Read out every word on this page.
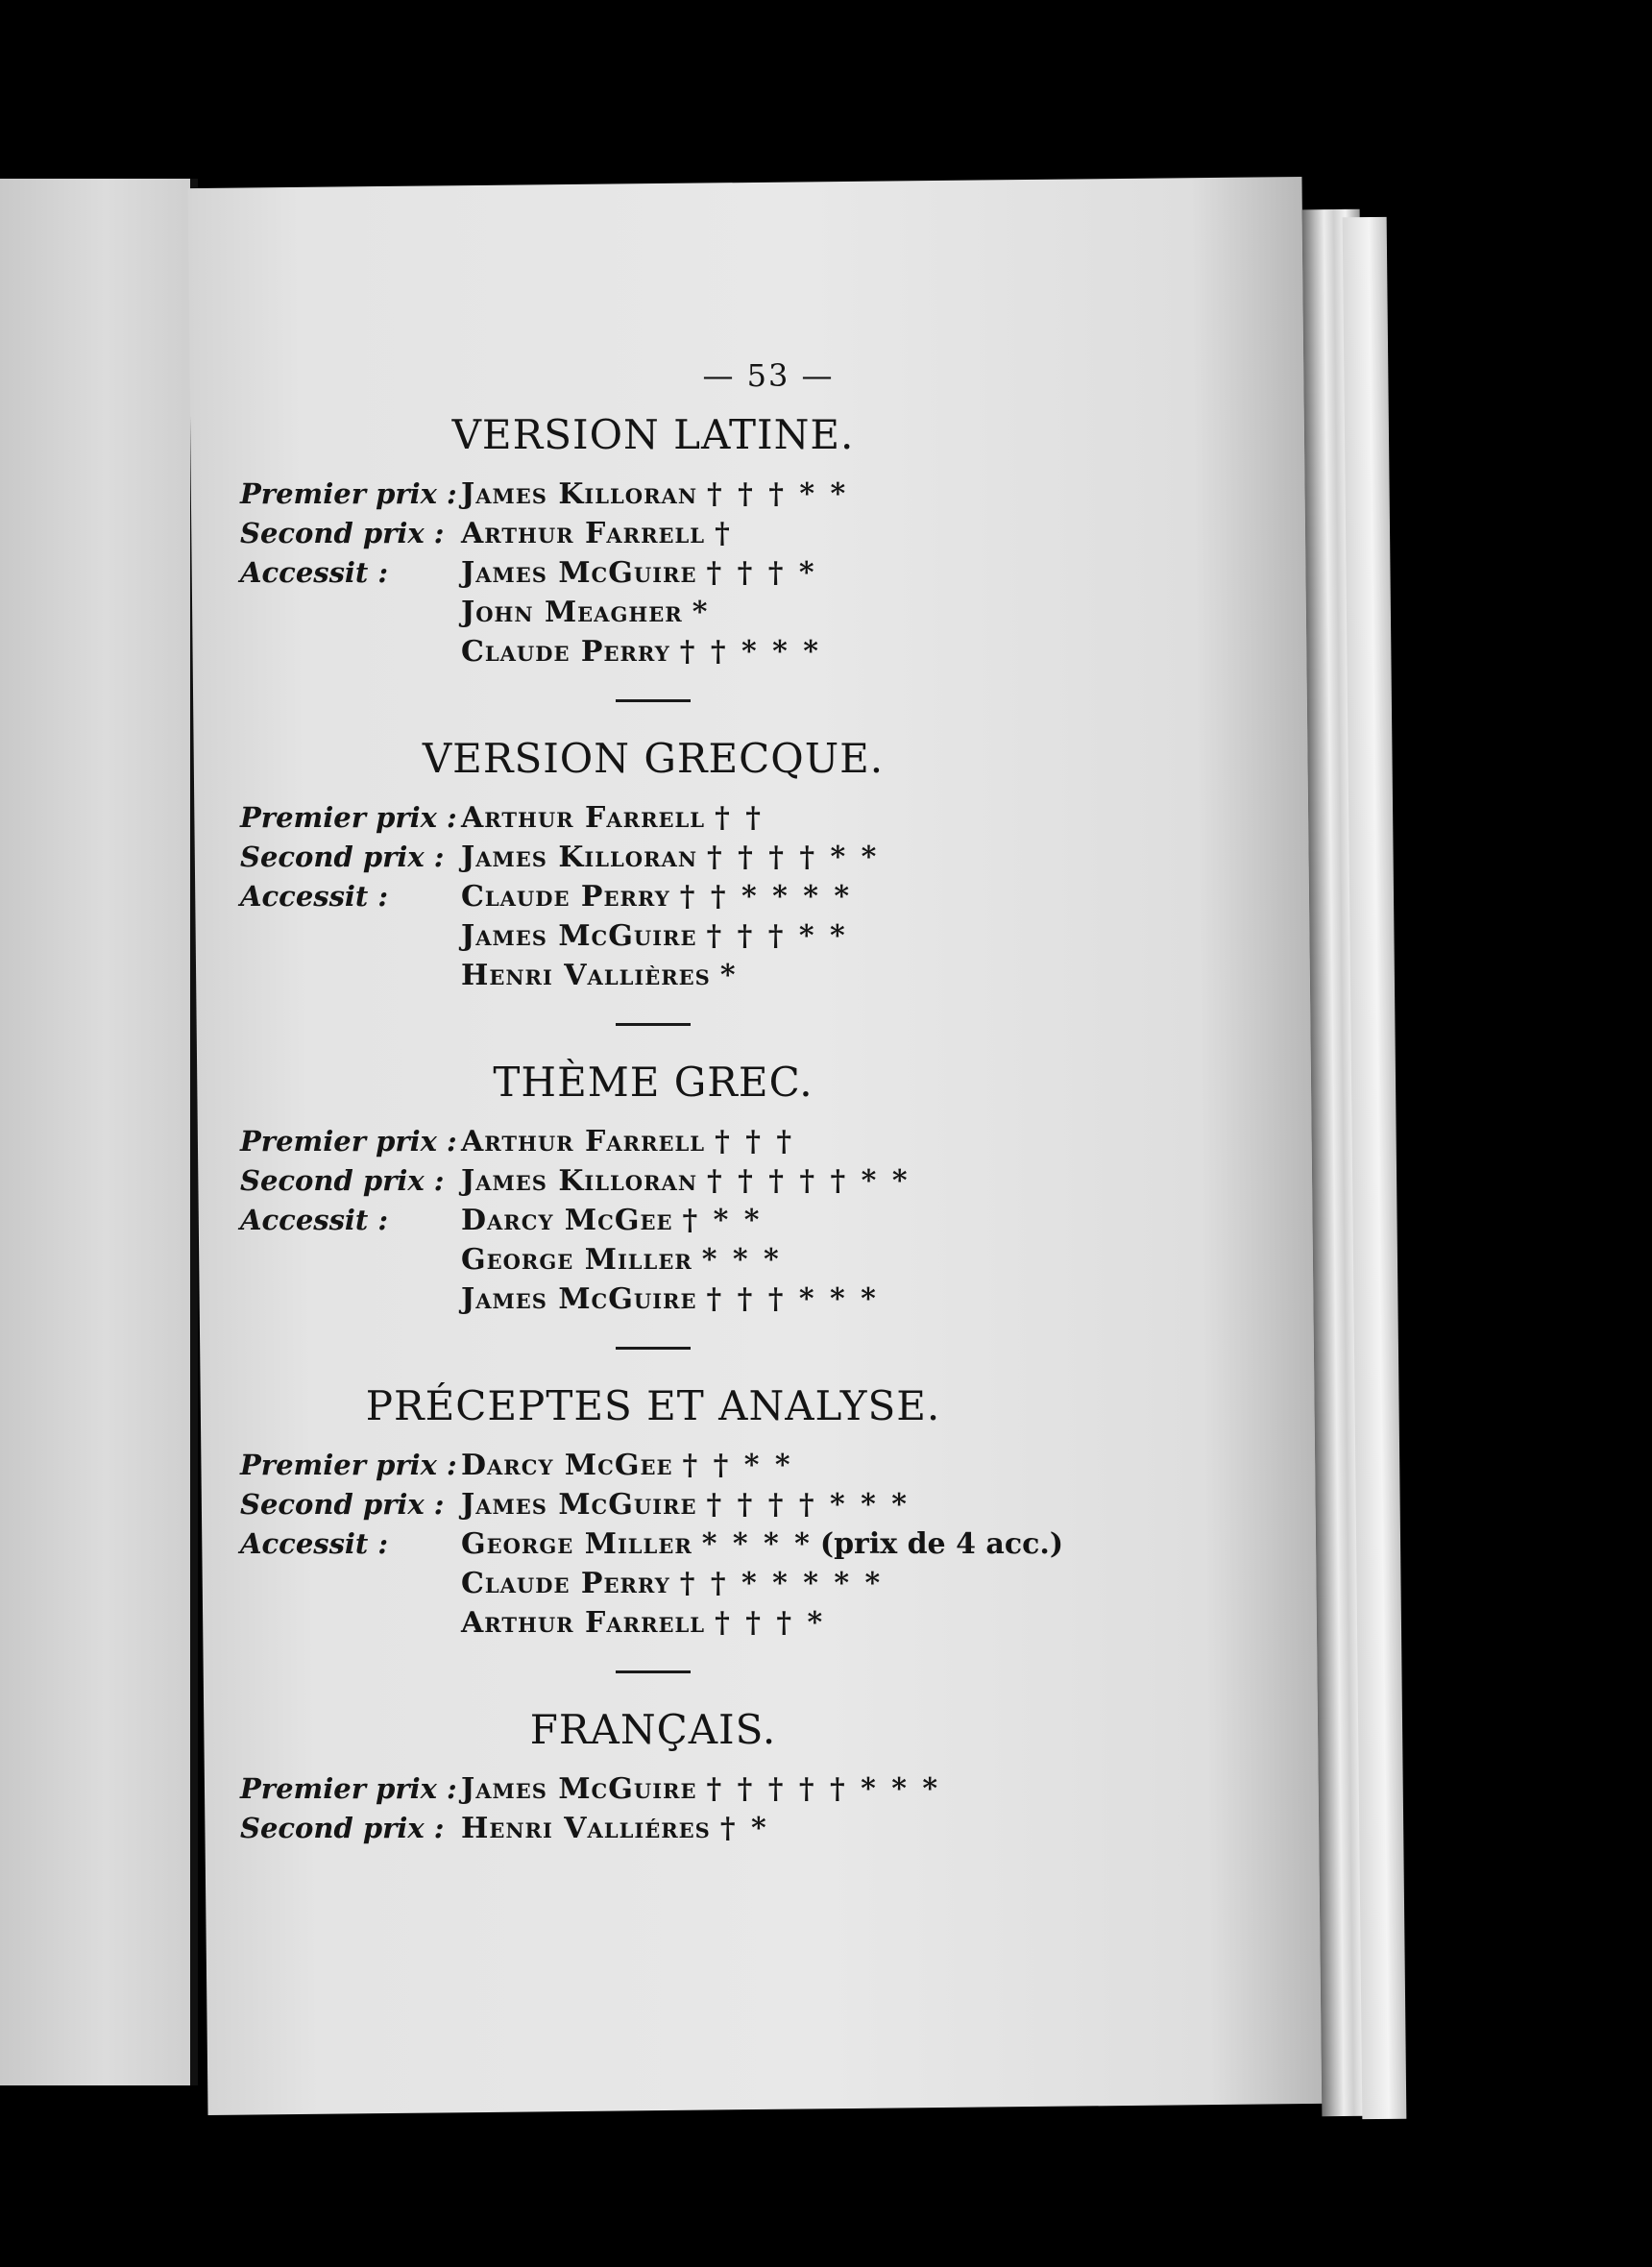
— 53 —
VERSION LATINE.
Premier prix : James Killoran † † † * *
Second prix : Arthur Farrell †
Accessit :	James McGuire † † † *
John Meagher *
Claude Perry † † * * *
VERSION GRECQUE.
Premier prix : Arthur Farrell † †
Second prix : James Killoran † † † † * *
Accessit :	Claude Perry † † * * * *
James McGuire † † † * *
Henri Vallières *
THÈME GREC.
Premier prix : Arthur Farrell † † †
Second prix : James Killoran † † † † † * *
Accessit :	Darcy McGee † * *
George Miller * * *
James McGuire † † † * * *
PRÉCEPTES ET ANALYSE.
Premier prix : Darcy McGee † † * *
Second prix : James McGuire † † † † * * *
Accessit :	George Miller * * * * (prix de 4 acc.)
Claude Perry † † * * * * *
Arthur Farrell † † † *
FRANÇAIS.
Premier prix : James McGuire † † † † † * * *
Second prix : Henri Valliéres † *
